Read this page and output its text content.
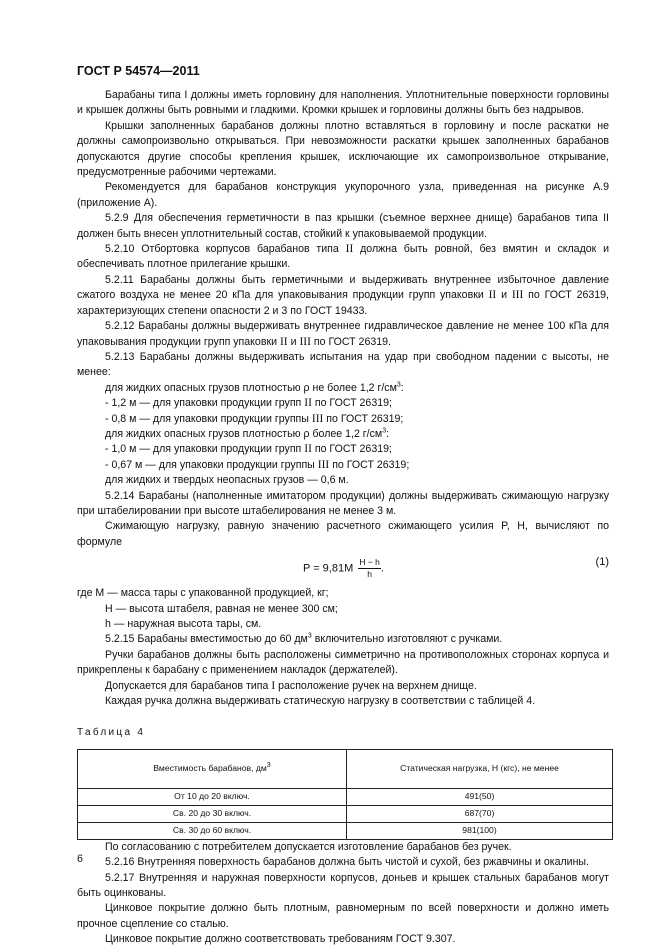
ГОСТ Р 54574—2011

Барабаны типа I должны иметь горловину для наполнения. Уплотнительные поверхности горловины и крышек должны быть ровными и гладкими. Кромки крышек и горловины должны быть без надрывов.

Крышки заполненных барабанов должны плотно вставляться в горловину и после раскатки не должны самопроизвольно открываться. При невозможности раскатки крышек заполненных барабанов допускаются другие способы крепления крышек, исключающие их самопроизвольное открывание, предусмотренные рабочими чертежами.

Рекомендуется для барабанов конструкция укупорочного узла, приведенная на рисунке А.9 (приложение А).

5.2.9 Для обеспечения герметичности в паз крышки (съемное верхнее днище) барабанов типа II должен быть внесен уплотнительный состав, стойкий к упаковываемой продукции.

5.2.10 Отбортовка корпусов барабанов типа II должна быть ровной, без вмятин и складок и обеспечивать плотное прилегание крышки.

5.2.11 Барабаны должны быть герметичными и выдерживать внутреннее избыточное давление сжатого воздуха не менее 20 кПа для упаковывания продукции групп упаковки II и III по ГОСТ 26319, характеризующих степени опасности 2 и 3 по ГОСТ 19433.

5.2.12 Барабаны должны выдерживать внутреннее гидравлическое давление не менее 100 кПа для упаковывания продукции групп упаковки II и III по ГОСТ 26319.

5.2.13 Барабаны должны выдерживать испытания на удар при свободном падении с высоты, не менее:

для жидких опасных грузов плотностью ρ не более 1,2 $г/см^3$:

- 1,2 м — для упаковки продукции групп II по ГОСТ 26319;

- 0,8 м — для упаковки продукции группы III по ГОСТ 26319;

для жидких опасных грузов плотностью ρ более 1,2 $г/см^3$:

- 1,0 м — для упаковки продукции групп II по ГОСТ 26319;

- 0,67 м — для упаковки продукции группы III по ГОСТ 26319;

для жидких и твердых неопасных грузов — 0,6 м.

5.2.14 Барабаны (наполненные имитатором продукции) должны выдерживать сжимающую нагрузку при штабелировании при высоте штабелирования не менее 3 м.

Сжимающую нагрузку, равную значению расчетного сжимающего усилия P, Н, вычисляют по формуле

$P = 9,81M \frac{H - h}{h}$ .
(1)

где M — масса тары с упакованной продукцией, кг;

H — высота штабеля, равная не менее 300 см;

h — наружная высота тары, см.

5.2.15 Барабаны вместимостью до 60 $дм^3$ включительно изготовляют с ручками.

Ручки барабанов должны быть расположены симметрично на противоположных сторонах корпуса и прикреплены к барабану с применением накладок (держателей).

Допускается для барабанов типа I расположение ручек на верхнем днище.

Каждая ручка должна выдерживать статическую нагрузку в соответствии с таблицей 4.

Таблица 4
Вместимость барабанов, $дм^3$	Статическая нагрузка, Н (кгс), не менее
От 10 до 20 включ.	491(50)
Св. 20 до 30 включ.	687(70)
Св. 30 до 60 включ.	981(100)

По согласованию с потребителем допускается изготовление барабанов без ручек.

5.2.16 Внутренняя поверхность барабанов должна быть чистой и сухой, без ржавчины и окалины.

5.2.17 Внутренняя и наружная поверхности корпусов, доньев и крышек стальных барабанов могут быть оцинкованы.

Цинковое покрытие должно быть плотным, равномерным по всей поверхности и должно иметь прочное сцепление со сталью.

Цинковое покрытие должно соответствовать требованиям ГОСТ 9.307.

6
